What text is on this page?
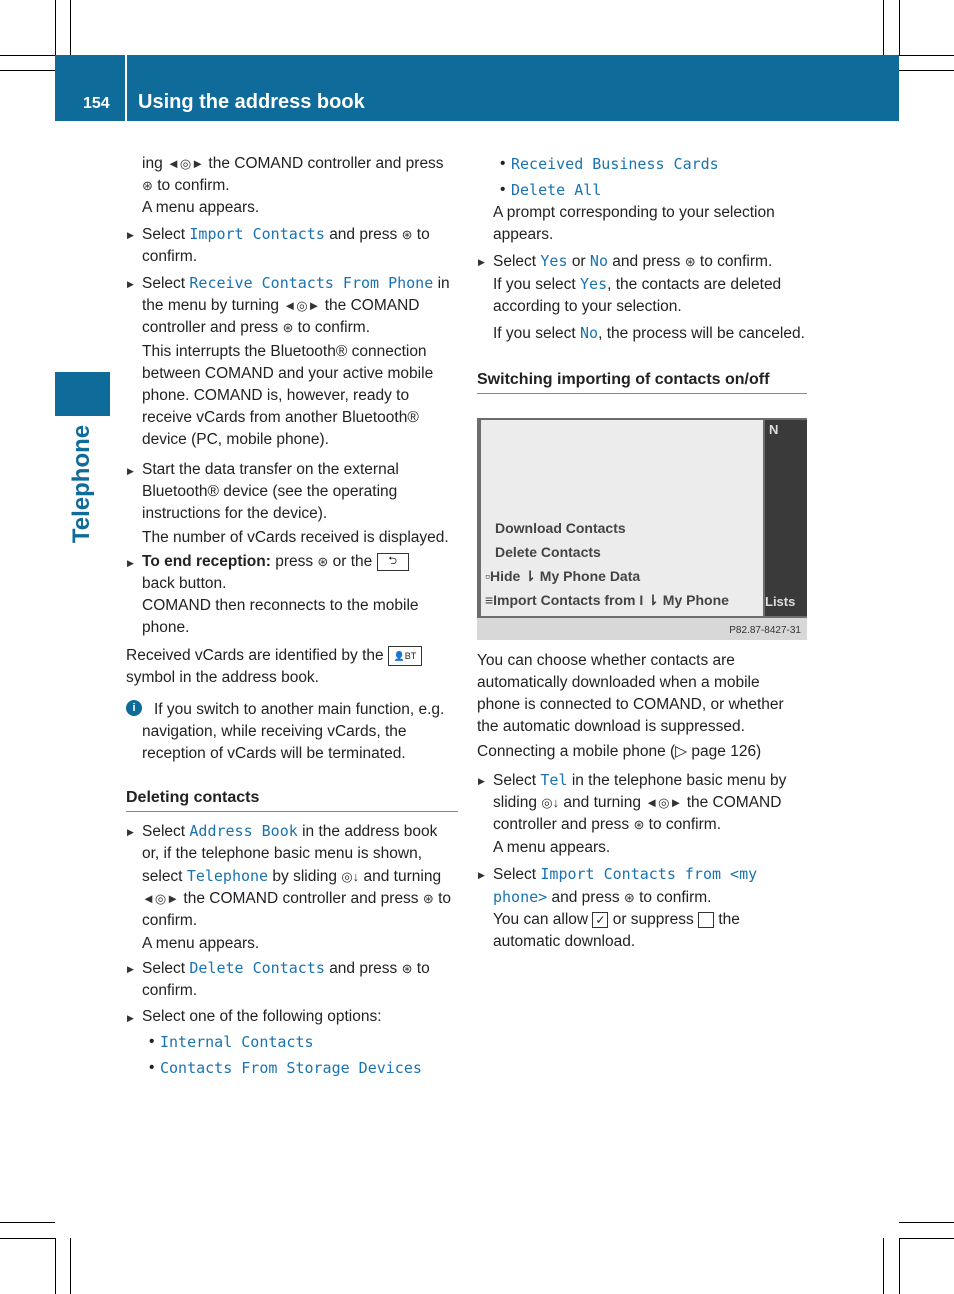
154 Using the address book
Telephone
ing ◄◎► the COMAND controller and press ⊛ to confirm.
A menu appears.
▶ Select Import Contacts and press ⊛ to confirm.
▶ Select Receive Contacts From Phone in the menu by turning ◄◎► the COMAND controller and press ⊛ to confirm.

This interrupts the Bluetooth® connection between COMAND and your active mobile phone. COMAND is, however, ready to receive vCards from another Bluetooth® device (PC, mobile phone).

▶ Start the data transfer on the external Bluetooth® device (see the operating instructions for the device).

The number of vCards received is displayed.

▶ To end reception: press ⊛ or the ⮌
back button.

COMAND then reconnects to the mobile phone.

Received vCards are identified by the 👤BT
symbol in the address book.
i	If you switch to another main function, e.g. navigation, while receiving vCards, the reception of vCards will be terminated.
Deleting contacts
▶ Select Address Book in the address book or, if the telephone basic menu is shown, select Telephone by sliding ◎↓ and turning ◄◎► the COMAND controller and press ⊛ to confirm.

A menu appears.

▶ Select Delete Contacts and press ⊛ to confirm.
▶ Select one of the following options:
• Internal Contacts
• Contacts From Storage Devices
• Received Business Cards
• Delete All

A prompt corresponding to your selection appears.

▶ Select Yes or No and press ⊛ to confirm.

If you select Yes, the contacts are deleted according to your selection.

If you select No, the process will be canceled.

Switching importing of contacts on/off
Download Contacts
Delete Contacts
▫Hide ⇂ My Phone Data
≡Import Contacts from I ⇂ My Phone
N
Lists
P82.87-8427-31

You can choose whether contacts are automatically downloaded when a mobile phone is connected to COMAND, or whether the automatic download is suppressed.

Connecting a mobile phone (▷ page 126)

▶ Select Tel in the telephone basic menu by sliding ◎↓ and turning ◄◎► the COMAND controller and press ⊛ to confirm.

A menu appears.

▶ Select Import Contacts from <my phone> and press ⊛ to confirm.

You can allow ✓ or suppress the automatic download.
